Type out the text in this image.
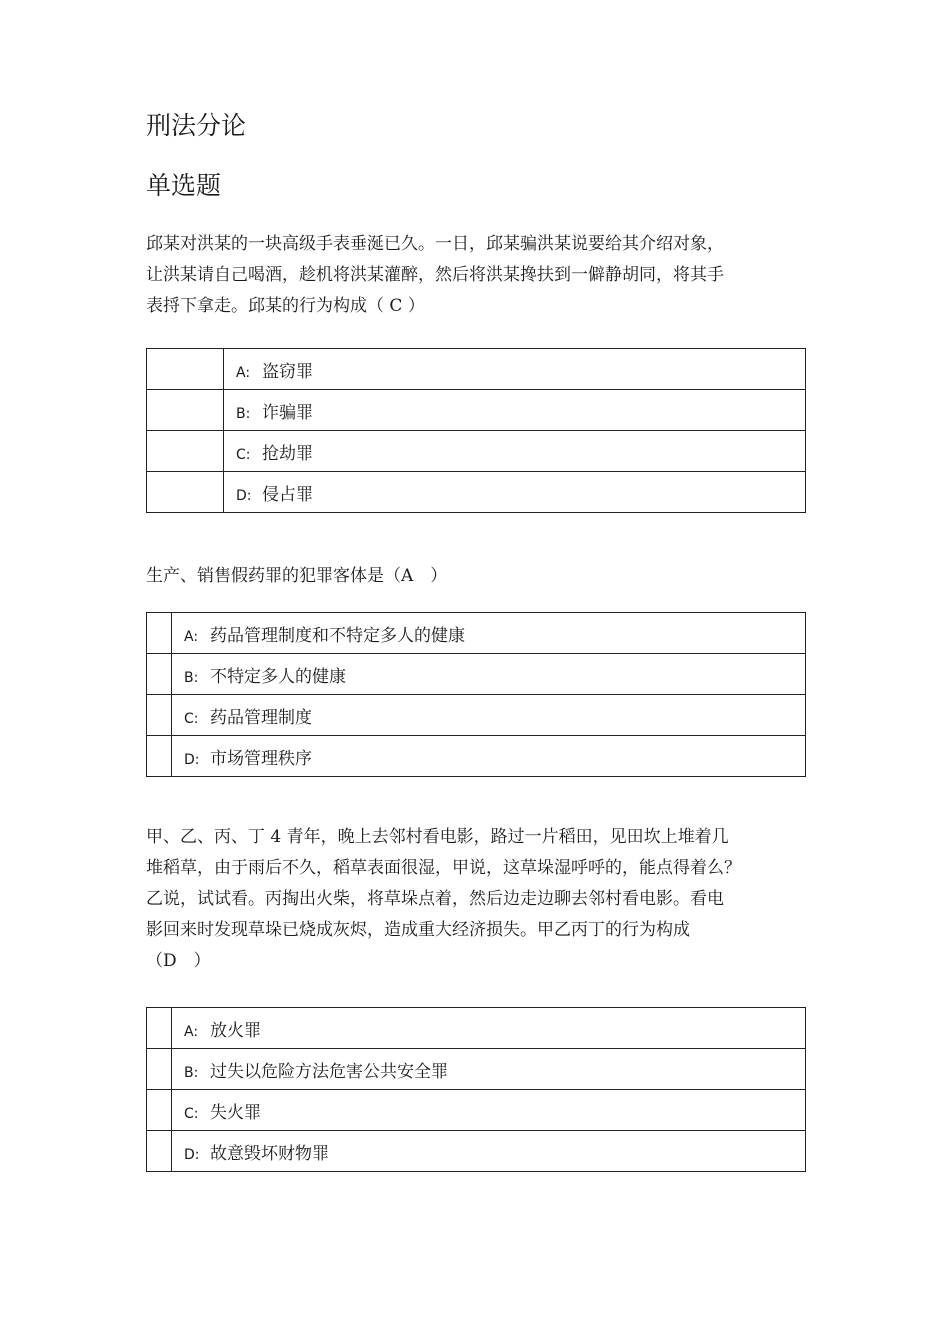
刑法分论
单选题

邱某对洪某的一块高级手表垂涎已久。一日，邱某骗洪某说要给其介绍对象，
让洪某请自己喝酒，趁机将洪某灌醉，然后将洪某搀扶到一僻静胡同，将其手
表捋下拿走。邱某的行为构成（ C ）

	A: 盗窃罪
	B: 诈骗罪
	C: 抢劫罪
	D: 侵占罪

生产、销售假药罪的犯罪客体是（A　）

	A: 药品管理制度和不特定多人的健康
	B: 不特定多人的健康
	C: 药品管理制度
	D: 市场管理秩序

甲、乙、丙、丁 4 青年，晚上去邻村看电影，路过一片稻田，见田坎上堆着几
堆稻草，由于雨后不久，稻草表面很湿，甲说，这草垛湿呼呼的，能点得着么？
乙说，试试看。丙掏出火柴，将草垛点着，然后边走边聊去邻村看电影。看电
影回来时发现草垛已烧成灰烬，造成重大经济损失。甲乙丙丁的行为构成
（D　）

	A: 放火罪
	B: 过失以危险方法危害公共安全罪
	C: 失火罪
	D: 故意毁坏财物罪
